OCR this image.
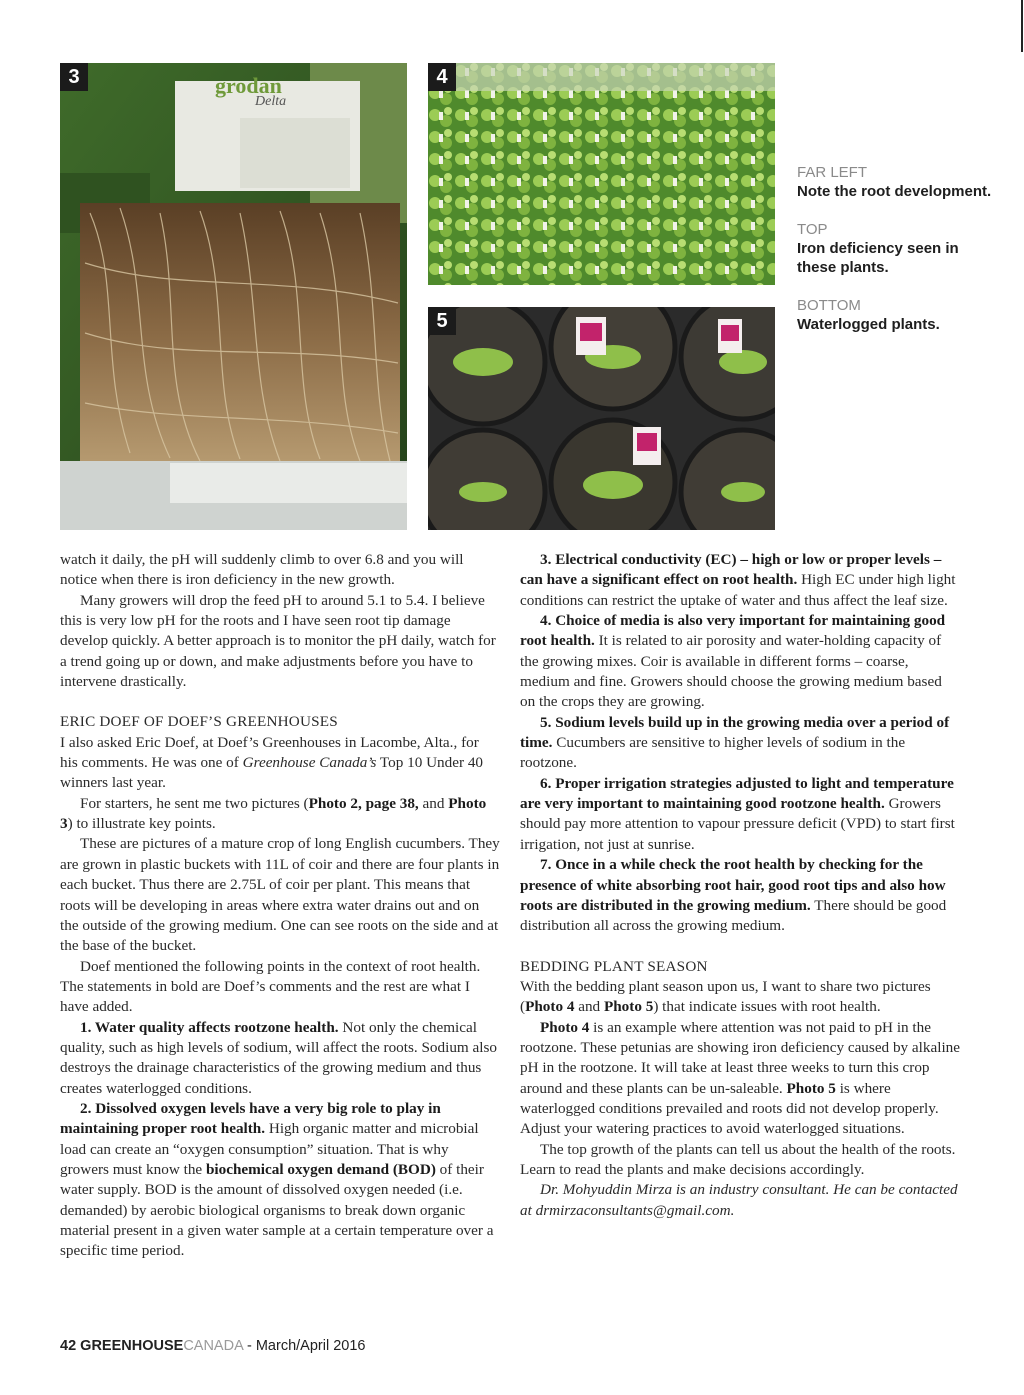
grodan
Delta
3	4
5
FAR LEFT
Note the root development.
TOP
Iron deficiency seen in these plants.
BOTTOM
Waterlogged plants.

watch it daily, the pH will suddenly climb to over 6.8 and you will notice when there is iron deficiency in the new growth.

Many growers will drop the feed pH to around 5.1 to 5.4. I believe this is very low pH for the roots and I have seen root tip damage develop quickly. A better approach is to monitor the pH daily, watch for a trend going up or down, and make adjustments before you have to intervene drastically.

ERIC DOEF OF DOEF’S GREENHOUSES

I also asked Eric Doef, at Doef’s Greenhouses in Lacombe, Alta., for his comments. He was one of Greenhouse Canada’s Top 10 Under 40 winners last year.

For starters, he sent me two pictures (Photo 2, page 38, and Photo 3) to illustrate key points.

These are pictures of a mature crop of long English cucumbers. They are grown in plastic buckets with 11L of coir and there are four plants in each bucket. Thus there are 2.75L of coir per plant. This means that roots will be developing in areas where extra water drains out and on the outside of the growing medium. One can see roots on the side and at the base of the bucket.

Doef mentioned the following points in the context of root health. The statements in bold are Doef’s comments and the rest are what I have added.

1. Water quality affects rootzone health. Not only the chemical quality, such as high levels of sodium, will affect the roots. Sodium also destroys the drainage characteristics of the growing medium and thus creates waterlogged conditions.

2. Dissolved oxygen levels have a very big role to play in maintaining proper root health. High organic matter and microbial load can create an “oxygen consumption” situation. That is why growers must know the biochemical oxygen demand (BOD) of their water supply. BOD is the amount of dissolved oxygen needed (i.e. demanded) by aerobic biological organisms to break down organic material present in a given water sample at a certain temperature over a specific time period.

3. Electrical conductivity (EC) – high or low or proper levels – can have a significant effect on root health. High EC under high light conditions can restrict the uptake of water and thus affect the leaf size.

4. Choice of media is also very important for maintaining good root health. It is related to air porosity and water-holding capacity of the growing mixes. Coir is available in different forms – coarse, medium and fine. Growers should choose the growing medium based on the crops they are growing.

5. Sodium levels build up in the growing media over a period of time. Cucumbers are sensitive to higher levels of sodium in the rootzone.

6. Proper irrigation strategies adjusted to light and temperature are very important to maintaining good rootzone health. Growers should pay more attention to vapour pressure deficit (VPD) to start first irrigation, not just at sunrise.

7. Once in a while check the root health by checking for the presence of white absorbing root hair, good root tips and also how roots are distributed in the growing medium. There should be good distribution all across the growing medium.

BEDDING PLANT SEASON

With the bedding plant season upon us, I want to share two pictures (Photo 4 and Photo 5) that indicate issues with root health.

Photo 4 is an example where attention was not paid to pH in the rootzone. These petunias are showing iron deficiency caused by alkaline pH in the rootzone. It will take at least three weeks to turn this crop around and these plants can be un-saleable. Photo 5 is where waterlogged conditions prevailed and roots did not develop properly. Adjust your watering practices to avoid waterlogged situations.

The top growth of the plants can tell us about the health of the roots. Learn to read the plants and make decisions accordingly.

Dr. Mohyuddin Mirza is an industry consultant. He can be contacted at drmirzaconsultants@gmail.com.

42 GREENHOUSECANADA - March/April 2016
